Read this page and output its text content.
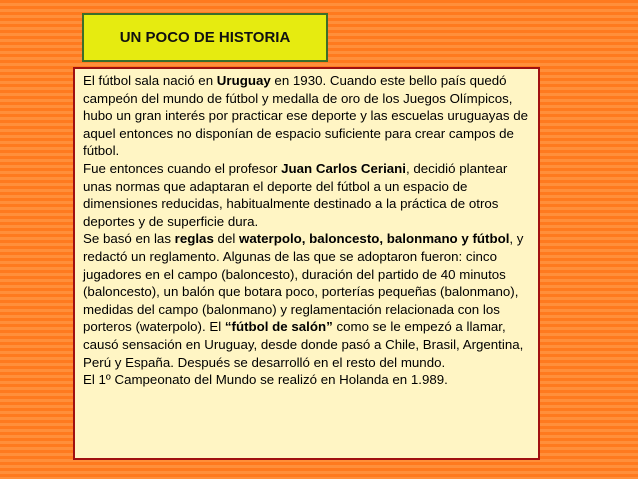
UN POCO DE HISTORIA

El fútbol sala nació en Uruguay en 1930. Cuando este bello país quedó campeón del mundo de fútbol y medalla de oro de los Juegos Olímpicos, hubo un gran interés por practicar ese deporte y las escuelas uruguayas de aquel entonces no disponían de espacio suficiente para crear campos de fútbol.

Fue entonces cuando el profesor Juan Carlos Ceriani, decidió plantear unas normas que adaptaran el deporte del fútbol a un espacio de dimensiones reducidas, habitualmente destinado a la práctica de otros deportes y de superficie dura.

Se basó en las reglas del waterpolo, baloncesto, balonmano y fútbol, y redactó un reglamento. Algunas de las que se adoptaron fueron: cinco jugadores en el campo (baloncesto), duración del partido de 40 minutos (baloncesto), un balón que botara poco, porterías pequeñas (balonmano), medidas del campo (balonmano) y reglamentación relacionada con los porteros (waterpolo). El “fútbol de salón” como se le empezó a llamar, causó sensación en Uruguay, desde donde pasó a Chile, Brasil, Argentina, Perú y España. Después se desarrolló en el resto del mundo.

El 1º Campeonato del Mundo se realizó en Holanda en 1.989.
